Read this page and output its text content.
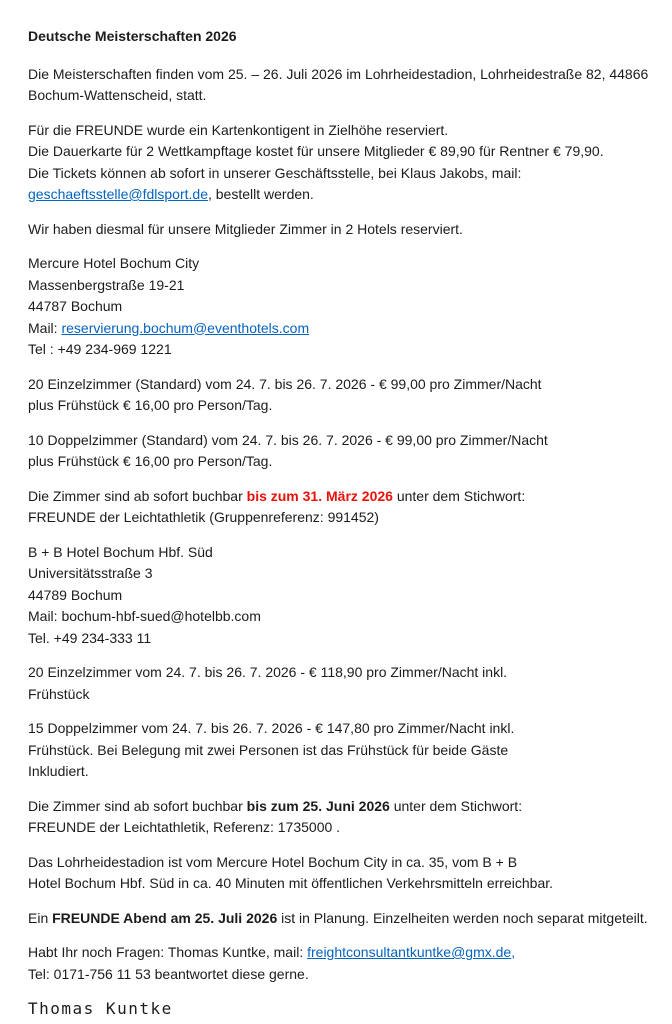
Deutsche Meisterschaften 2026

Die Meisterschaften finden vom 25. – 26. Juli 2026 im Lohrheidestadion, Lohrheidestraße 82, 44866
Bochum-Wattenscheid, statt.

Für die FREUNDE wurde ein Kartenkontigent in Zielhöhe reserviert.
Die Dauerkarte für 2 Wettkampftage kostet für unsere Mitglieder € 89,90 für Rentner € 79,90.
Die Tickets können ab sofort in unserer Geschäftsstelle, bei Klaus Jakobs, mail:
geschaeftsstelle@fdlsport.de, bestellt werden.

Wir haben diesmal für unsere Mitglieder Zimmer in 2 Hotels reserviert.

Mercure Hotel Bochum City
Massenbergstraße 19-21
44787 Bochum
Mail: reservierung.bochum@eventhotels.com
Tel : +49 234-969 1221

20 Einzelzimmer (Standard) vom 24. 7. bis 26. 7. 2026 - € 99,00 pro Zimmer/Nacht
plus Frühstück € 16,00 pro Person/Tag.

10 Doppelzimmer (Standard) vom 24. 7. bis 26. 7. 2026 - € 99,00 pro Zimmer/Nacht
plus Frühstück € 16,00 pro Person/Tag.

Die Zimmer sind ab sofort buchbar bis zum 31. März 2026 unter dem Stichwort:
FREUNDE der Leichtathletik (Gruppenreferenz: 991452)

B + B Hotel Bochum Hbf. Süd
Universitätsstraße 3
44789 Bochum
Mail: bochum-hbf-sued@hotelbb.com
Tel. +49 234-333 11

20 Einzelzimmer vom 24. 7. bis 26. 7. 2026 - € 118,90 pro Zimmer/Nacht inkl.
Frühstück

15 Doppelzimmer vom 24. 7. bis 26. 7. 2026 - € 147,80 pro Zimmer/Nacht inkl.
Frühstück. Bei Belegung mit zwei Personen ist das Frühstück für beide Gäste
Inkludiert.

Die Zimmer sind ab sofort buchbar bis zum 25. Juni 2026 unter dem Stichwort:
FREUNDE der Leichtathletik, Referenz: 1735000 .

Das Lohrheidestadion ist vom Mercure Hotel Bochum City in ca. 35, vom B + B
Hotel Bochum Hbf. Süd in ca. 40 Minuten mit öffentlichen Verkehrsmitteln erreichbar.

Ein FREUNDE Abend am 25. Juli 2026 ist in Planung. Einzelheiten werden noch separat mitgeteilt.

Habt Ihr noch Fragen: Thomas Kuntke, mail: freightconsultantkuntke@gmx.de,
Tel: 0171-756 11 53 beantwortet diese gerne.

Thomas Kuntke
